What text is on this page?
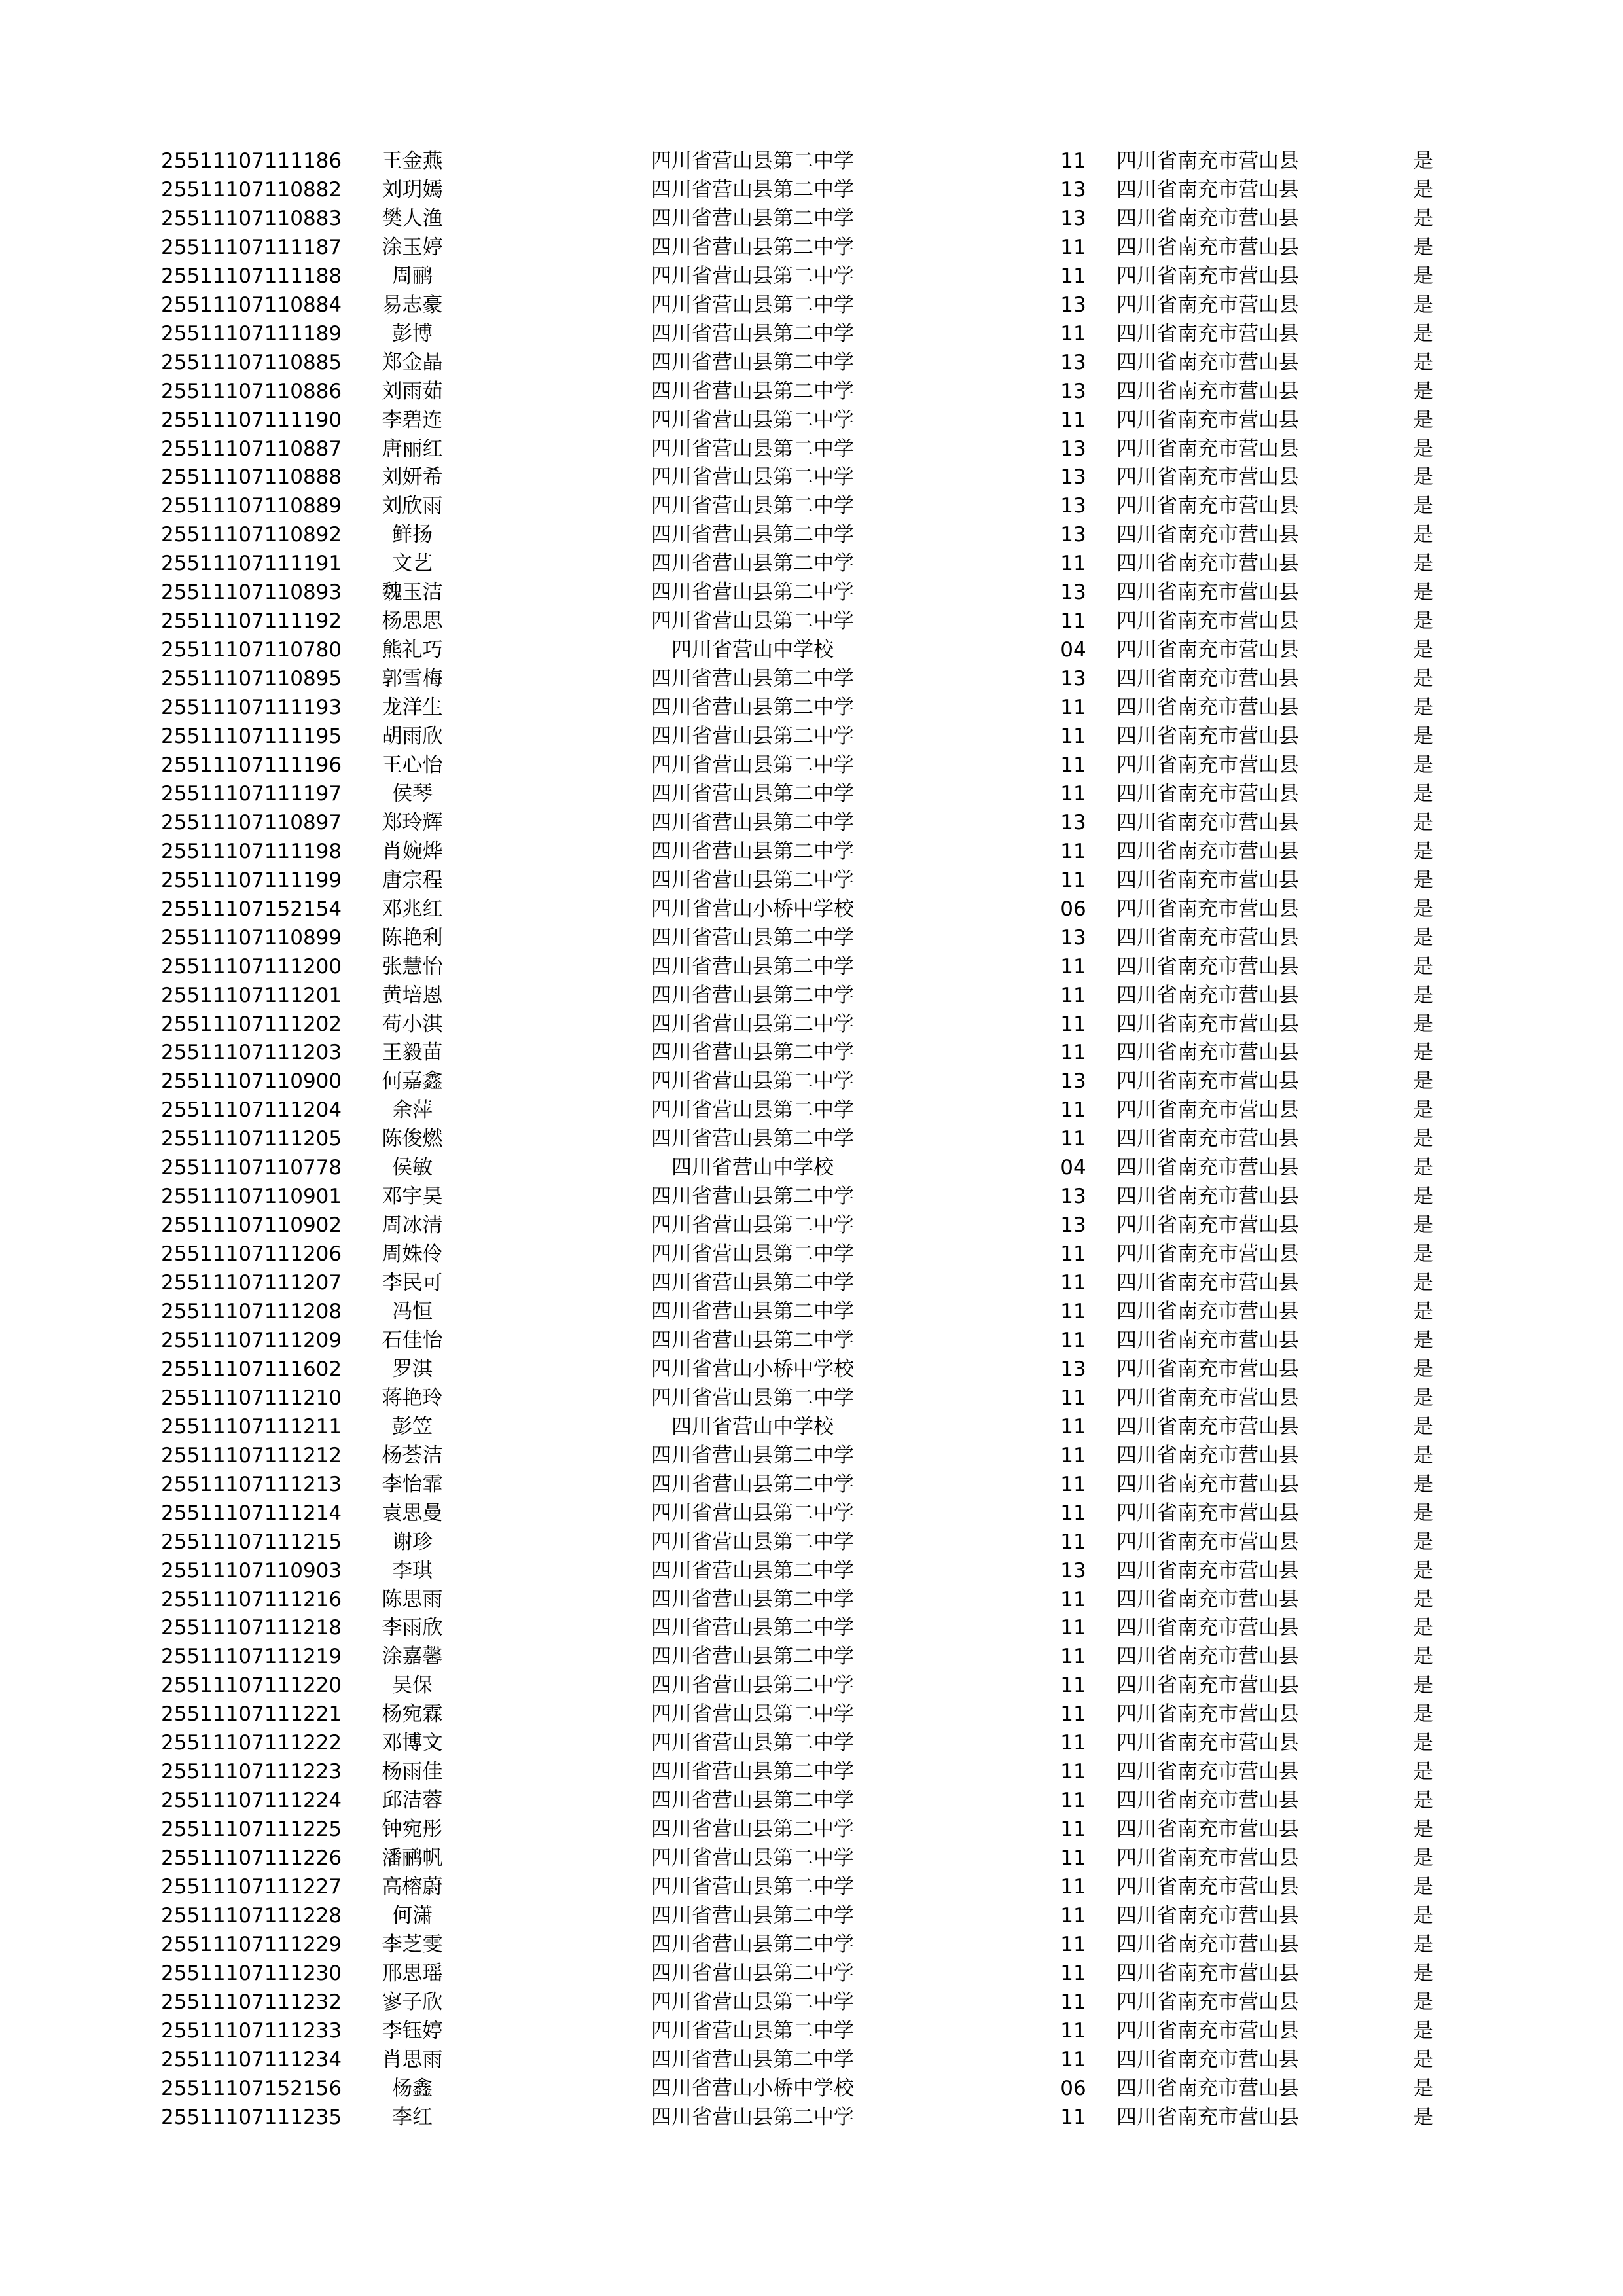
25511107111186	王金燕	四川省营山县第二中学	11	四川省南充市营山县	是
25511107110882	刘玥嫣	四川省营山县第二中学	13	四川省南充市营山县	是
25511107110883	樊人渔	四川省营山县第二中学	13	四川省南充市营山县	是
25511107111187	涂玉婷	四川省营山县第二中学	11	四川省南充市营山县	是
25511107111188	周鹂	四川省营山县第二中学	11	四川省南充市营山县	是
25511107110884	易志豪	四川省营山县第二中学	13	四川省南充市营山县	是
25511107111189	彭博	四川省营山县第二中学	11	四川省南充市营山县	是
25511107110885	郑金晶	四川省营山县第二中学	13	四川省南充市营山县	是
25511107110886	刘雨茹	四川省营山县第二中学	13	四川省南充市营山县	是
25511107111190	李碧连	四川省营山县第二中学	11	四川省南充市营山县	是
25511107110887	唐丽红	四川省营山县第二中学	13	四川省南充市营山县	是
25511107110888	刘妍希	四川省营山县第二中学	13	四川省南充市营山县	是
25511107110889	刘欣雨	四川省营山县第二中学	13	四川省南充市营山县	是
25511107110892	鲜扬	四川省营山县第二中学	13	四川省南充市营山县	是
25511107111191	文艺	四川省营山县第二中学	11	四川省南充市营山县	是
25511107110893	魏玉洁	四川省营山县第二中学	13	四川省南充市营山县	是
25511107111192	杨思思	四川省营山县第二中学	11	四川省南充市营山县	是
25511107110780	熊礼巧	四川省营山中学校	04	四川省南充市营山县	是
25511107110895	郭雪梅	四川省营山县第二中学	13	四川省南充市营山县	是
25511107111193	龙洋生	四川省营山县第二中学	11	四川省南充市营山县	是
25511107111195	胡雨欣	四川省营山县第二中学	11	四川省南充市营山县	是
25511107111196	王心怡	四川省营山县第二中学	11	四川省南充市营山县	是
25511107111197	侯琴	四川省营山县第二中学	11	四川省南充市营山县	是
25511107110897	郑玲辉	四川省营山县第二中学	13	四川省南充市营山县	是
25511107111198	肖婉烨	四川省营山县第二中学	11	四川省南充市营山县	是
25511107111199	唐宗程	四川省营山县第二中学	11	四川省南充市营山县	是
25511107152154	邓兆红	四川省营山小桥中学校	06	四川省南充市营山县	是
25511107110899	陈艳利	四川省营山县第二中学	13	四川省南充市营山县	是
25511107111200	张慧怡	四川省营山县第二中学	11	四川省南充市营山县	是
25511107111201	黄培恩	四川省营山县第二中学	11	四川省南充市营山县	是
25511107111202	苟小淇	四川省营山县第二中学	11	四川省南充市营山县	是
25511107111203	王毅苗	四川省营山县第二中学	11	四川省南充市营山县	是
25511107110900	何嘉鑫	四川省营山县第二中学	13	四川省南充市营山县	是
25511107111204	余萍	四川省营山县第二中学	11	四川省南充市营山县	是
25511107111205	陈俊燃	四川省营山县第二中学	11	四川省南充市营山县	是
25511107110778	侯敏	四川省营山中学校	04	四川省南充市营山县	是
25511107110901	邓宇昊	四川省营山县第二中学	13	四川省南充市营山县	是
25511107110902	周冰清	四川省营山县第二中学	13	四川省南充市营山县	是
25511107111206	周姝伶	四川省营山县第二中学	11	四川省南充市营山县	是
25511107111207	李民可	四川省营山县第二中学	11	四川省南充市营山县	是
25511107111208	冯恒	四川省营山县第二中学	11	四川省南充市营山县	是
25511107111209	石佳怡	四川省营山县第二中学	11	四川省南充市营山县	是
25511107111602	罗淇	四川省营山小桥中学校	13	四川省南充市营山县	是
25511107111210	蒋艳玲	四川省营山县第二中学	11	四川省南充市营山县	是
25511107111211	彭笠	四川省营山中学校	11	四川省南充市营山县	是
25511107111212	杨荟洁	四川省营山县第二中学	11	四川省南充市营山县	是
25511107111213	李怡霏	四川省营山县第二中学	11	四川省南充市营山县	是
25511107111214	袁思曼	四川省营山县第二中学	11	四川省南充市营山县	是
25511107111215	谢珍	四川省营山县第二中学	11	四川省南充市营山县	是
25511107110903	李琪	四川省营山县第二中学	13	四川省南充市营山县	是
25511107111216	陈思雨	四川省营山县第二中学	11	四川省南充市营山县	是
25511107111218	李雨欣	四川省营山县第二中学	11	四川省南充市营山县	是
25511107111219	涂嘉馨	四川省营山县第二中学	11	四川省南充市营山县	是
25511107111220	吴保	四川省营山县第二中学	11	四川省南充市营山县	是
25511107111221	杨宛霖	四川省营山县第二中学	11	四川省南充市营山县	是
25511107111222	邓博文	四川省营山县第二中学	11	四川省南充市营山县	是
25511107111223	杨雨佳	四川省营山县第二中学	11	四川省南充市营山县	是
25511107111224	邱洁蓉	四川省营山县第二中学	11	四川省南充市营山县	是
25511107111225	钟宛彤	四川省营山县第二中学	11	四川省南充市营山县	是
25511107111226	潘鹂帆	四川省营山县第二中学	11	四川省南充市营山县	是
25511107111227	高榕蔚	四川省营山县第二中学	11	四川省南充市营山县	是
25511107111228	何潇	四川省营山县第二中学	11	四川省南充市营山县	是
25511107111229	李芝雯	四川省营山县第二中学	11	四川省南充市营山县	是
25511107111230	邢思瑶	四川省营山县第二中学	11	四川省南充市营山县	是
25511107111232	寥子欣	四川省营山县第二中学	11	四川省南充市营山县	是
25511107111233	李钰婷	四川省营山县第二中学	11	四川省南充市营山县	是
25511107111234	肖思雨	四川省营山县第二中学	11	四川省南充市营山县	是
25511107152156	杨鑫	四川省营山小桥中学校	06	四川省南充市营山县	是
25511107111235	李红	四川省营山县第二中学	11	四川省南充市营山县	是
